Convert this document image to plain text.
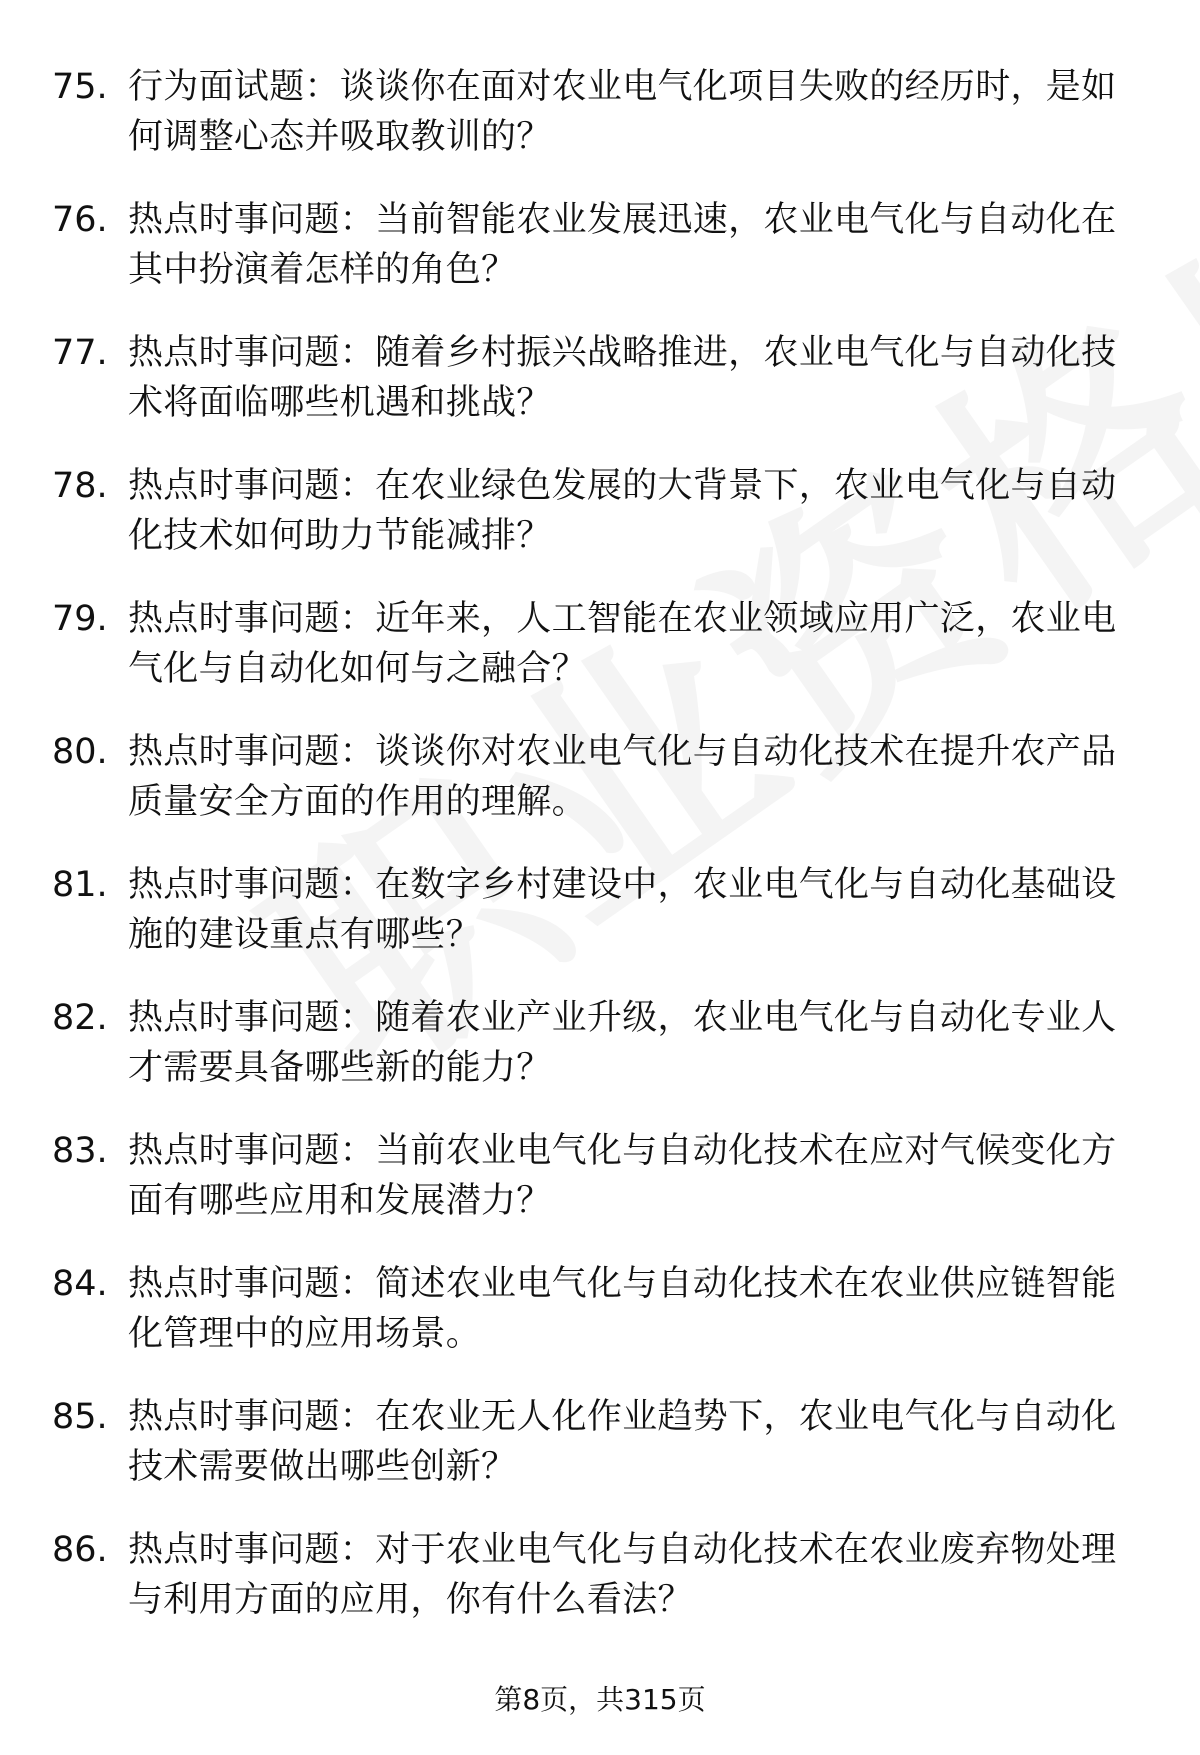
75. 行为面试题：谈谈你在面对农业电气化项目失败的经历时，是如何调整心态并吸取教训的？
76. 热点时事问题：当前智能农业发展迅速，农业电气化与自动化在其中扮演着怎样的角色？
77. 热点时事问题：随着乡村振兴战略推进，农业电气化与自动化技术将面临哪些机遇和挑战？
78. 热点时事问题：在农业绿色发展的大背景下，农业电气化与自动化技术如何助力节能减排？
79. 热点时事问题：近年来，人工智能在农业领域应用广泛，农业电气化与自动化如何与之融合？
80. 热点时事问题：谈谈你对农业电气化与自动化技术在提升农产品质量安全方面的作用的理解。
81. 热点时事问题：在数字乡村建设中，农业电气化与自动化基础设施的建设重点有哪些？
82. 热点时事问题：随着农业产业升级，农业电气化与自动化专业人才需要具备哪些新的能力？
83. 热点时事问题：当前农业电气化与自动化技术在应对气候变化方面有哪些应用和发展潜力？
84. 热点时事问题：简述农业电气化与自动化技术在农业供应链智能化管理中的应用场景。
85. 热点时事问题：在农业无人化作业趋势下，农业电气化与自动化技术需要做出哪些创新？
86. 热点时事问题：对于农业电气化与自动化技术在农业废弃物处理与利用方面的应用，你有什么看法？
第8页，共315页
